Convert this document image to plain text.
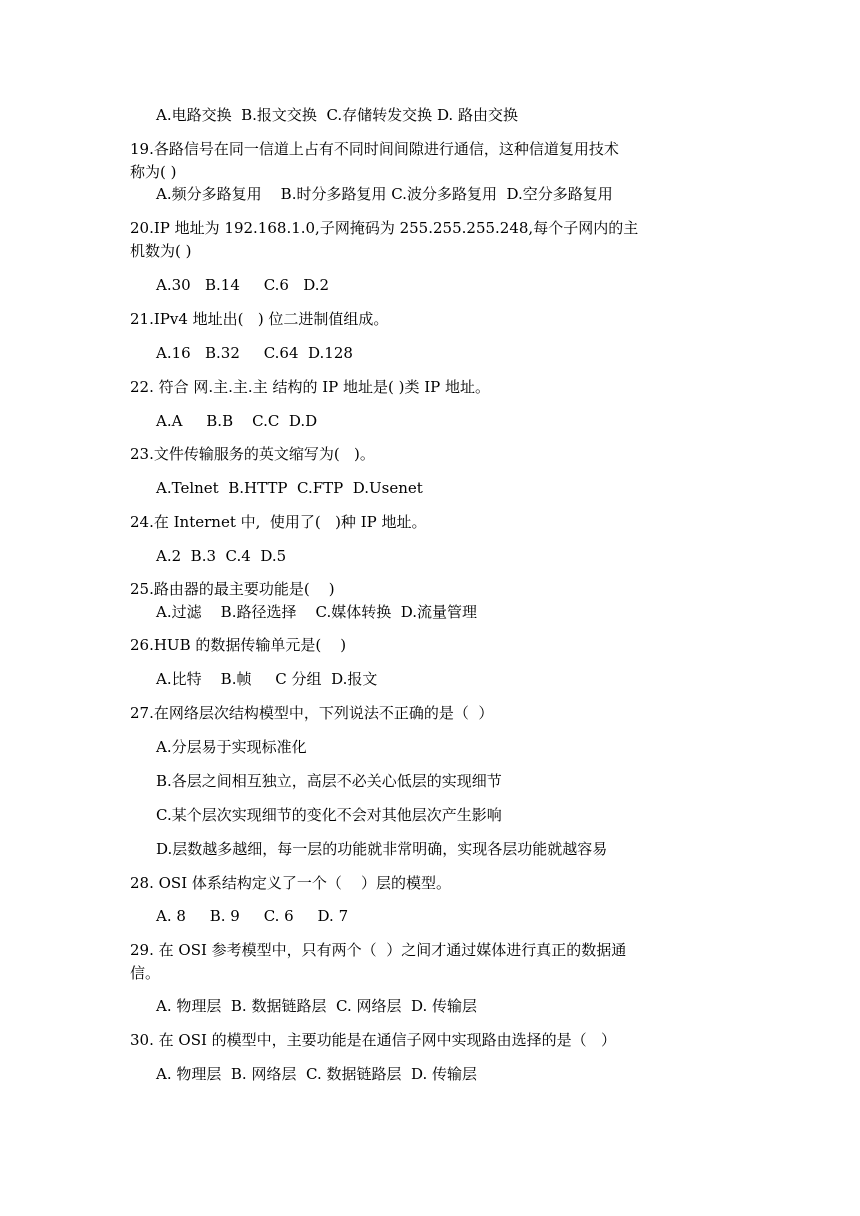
A.电路交换  B.报文交换  C.存储转发交换 D. 路由交换
19.各路信号在同一信道上占有不同时间间隙进行通信，这种信道复用技术
称为( )
A.频分多路复用    B.时分多路复用 C.波分多路复用  D.空分多路复用
20.IP 地址为 192.168.1.0,子网掩码为 255.255.255.248,每个子网内的主
机数为( )
A.30   B.14     C.6   D.2
21.IPv4 地址出(   ) 位二进制值组成。
A.16   B.32     C.64  D.128
22. 符合 网.主.主.主 结构的 IP 地址是( )类 IP 地址。
A.A     B.B    C.C  D.D
23.文件传输服务的英文缩写为(   )。
A.Telnet  B.HTTP  C.FTP  D.Usenet
24.在 Internet 中,  使用了(   )种 IP 地址。
A.2  B.3  C.4  D.5
25.路由器的最主要功能是(    )
A.过滤    B.路径选择    C.媒体转换  D.流量管理
26.HUB 的数据传输单元是(    )
A.比特    B.帧     C 分组  D.报文
27.在网络层次结构模型中，下列说法不正确的是（  ）
A.分层易于实现标准化
B.各层之间相互独立，高层不必关心低层的实现细节
C.某个层次实现细节的变化不会对其他层次产生影响
D.层数越多越细，每一层的功能就非常明确，实现各层功能就越容易
28. OSI 体系结构定义了一个（    ）层的模型。
A. 8     B. 9     C. 6     D. 7
29. 在 OSI 参考模型中，只有两个（  ）之间才通过媒体进行真正的数据通
信。
A. 物理层  B. 数据链路层  C. 网络层  D. 传输层
30. 在 OSI 的模型中，主要功能是在通信子网中实现路由选择的是（   ）
A. 物理层  B. 网络层  C. 数据链路层  D. 传输层
